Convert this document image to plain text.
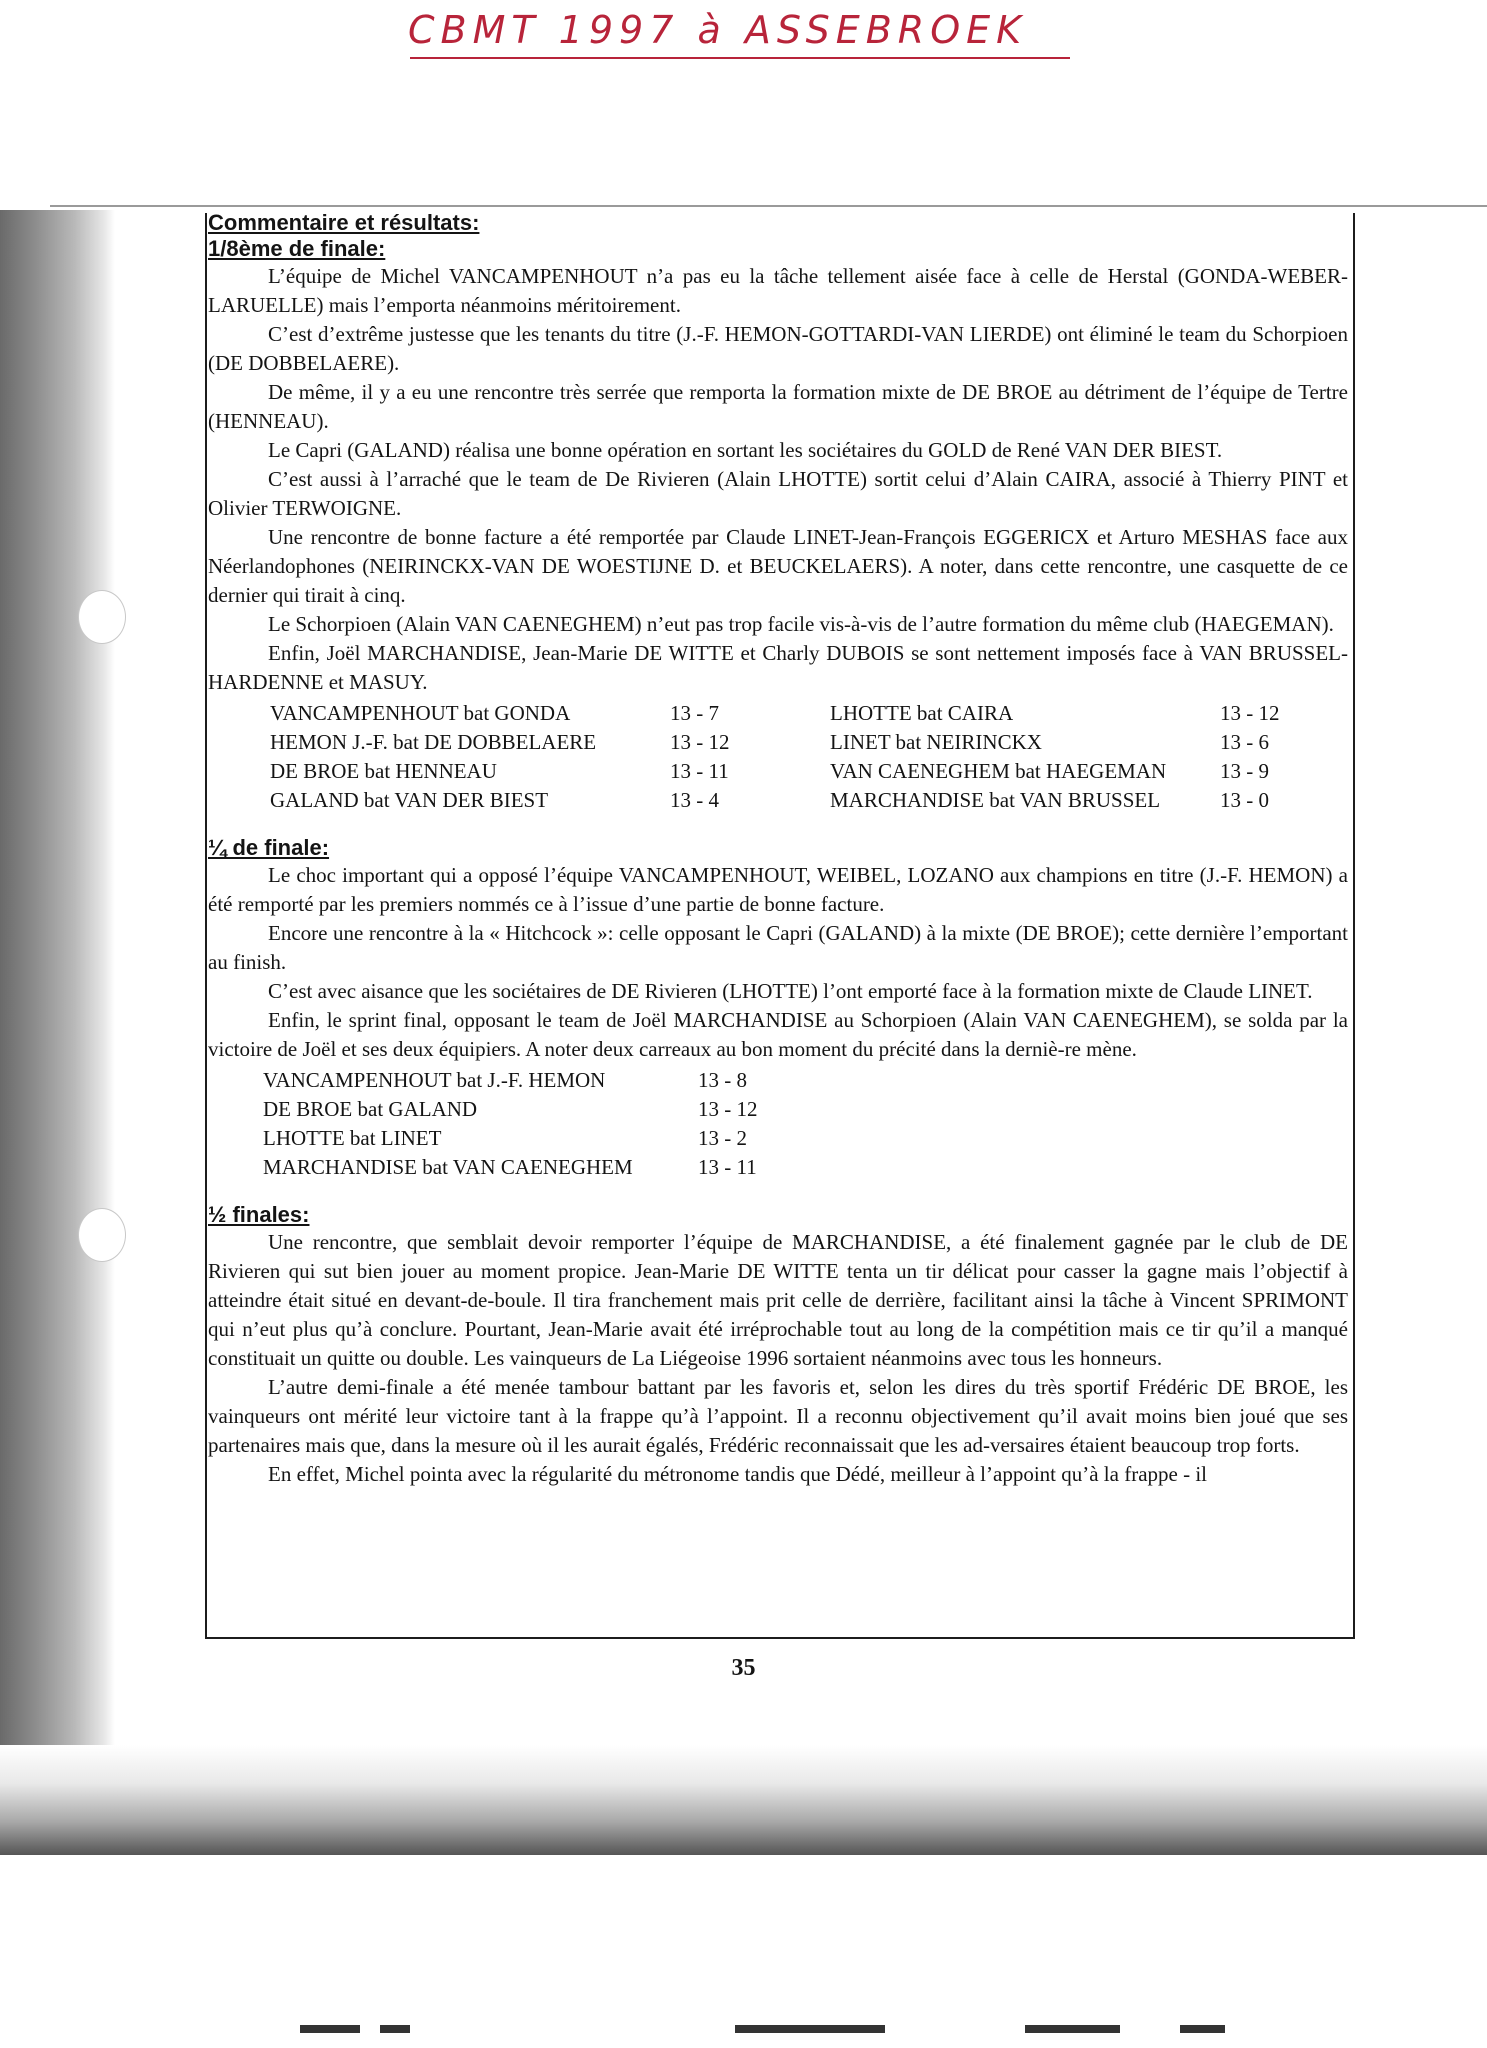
CBMT 1997 à ASSEBROEK
Commentaire et résultats:
1/8ème de finale:

L’équipe de Michel VANCAMPENHOUT n’a pas eu la tâche tellement aisée face à celle de Herstal (GONDA-WEBER-LARUELLE) mais l’emporta néanmoins méritoirement.

C’est d’extrême justesse que les tenants du titre (J.-F. HEMON-GOTTARDI-VAN LIERDE) ont éliminé le team du Schorpioen (DE DOBBELAERE).

De même, il y a eu une rencontre très serrée que remporta la formation mixte de DE BROE au détriment de l’équipe de Tertre (HENNEAU).

Le Capri (GALAND) réalisa une bonne opération en sortant les sociétaires du GOLD de René VAN DER BIEST.

C’est aussi à l’arraché que le team de De Rivieren (Alain LHOTTE) sortit celui d’Alain CAIRA, associé à Thierry PINT et Olivier TERWOIGNE.

Une rencontre de bonne facture a été remportée par Claude LINET-Jean-François EGGERICX et Arturo MESHAS face aux Néerlandophones (NEIRINCKX-VAN DE WOESTIJNE D. et BEUCKELAERS). A noter, dans cette rencontre, une casquette de ce dernier qui tirait à cinq.

Le Schorpioen (Alain VAN CAENEGHEM) n’eut pas trop facile vis-à-vis de l’autre formation du même club (HAEGEMAN).

Enfin, Joël MARCHANDISE, Jean-Marie DE WITTE et Charly DUBOIS se sont nettement imposés face à VAN BRUSSEL-HARDENNE et MASUY.

VANCAMPENHOUT bat GONDA	13 - 7	LHOTTE bat CAIRA	13 - 12
HEMON J.-F. bat DE DOBBELAERE	13 - 12	LINET bat NEIRINCKX	13 - 6
DE BROE bat HENNEAU	13 - 11	VAN CAENEGHEM bat HAEGEMAN	13 - 9
GALAND bat VAN DER BIEST	13 - 4	MARCHANDISE bat VAN BRUSSEL	13 - 0
¼ de finale:

Le choc important qui a opposé l’équipe VANCAMPENHOUT, WEIBEL, LOZANO aux champions en titre (J.-F. HEMON) a été remporté par les premiers nommés ce à l’issue d’une partie de bonne facture.

Encore une rencontre à la « Hitchcock »: celle opposant le Capri (GALAND) à la mixte (DE BROE); cette dernière l’emportant au finish.

C’est avec aisance que les sociétaires de DE Rivieren (LHOTTE) l’ont emporté face à la formation mixte de Claude LINET.

Enfin, le sprint final, opposant le team de Joël MARCHANDISE au Schorpioen (Alain VAN CAENEGHEM), se solda par la victoire de Joël et ses deux équipiers. A noter deux carreaux au bon moment du précité dans la derniè-re mène.

VANCAMPENHOUT bat J.-F. HEMON	13 - 8
DE BROE bat GALAND	13 - 12
LHOTTE bat LINET	13 - 2
MARCHANDISE bat VAN CAENEGHEM	13 - 11
½ finales:

Une rencontre, que semblait devoir remporter l’équipe de MARCHANDISE, a été finalement gagnée par le club de DE Rivieren qui sut bien jouer au moment propice. Jean-Marie DE WITTE tenta un tir délicat pour casser la gagne mais l’objectif à atteindre était situé en devant-de-boule. Il tira franchement mais prit celle de derrière, facilitant ainsi la tâche à Vincent SPRIMONT qui n’eut plus qu’à conclure. Pourtant, Jean-Marie avait été irréprochable tout au long de la compétition mais ce tir qu’il a manqué constituait un quitte ou double. Les vainqueurs de La Liégeoise 1996 sortaient néanmoins avec tous les honneurs.

L’autre demi-finale a été menée tambour battant par les favoris et, selon les dires du très sportif Frédéric DE BROE, les vainqueurs ont mérité leur victoire tant à la frappe qu’à l’appoint. Il a reconnu objectivement qu’il avait moins bien joué que ses partenaires mais que, dans la mesure où il les aurait égalés, Frédéric reconnaissait que les ad-versaires étaient beaucoup trop forts.

En effet, Michel pointa avec la régularité du métronome tandis que Dédé, meilleur à l’appoint qu’à la frappe - il

35
